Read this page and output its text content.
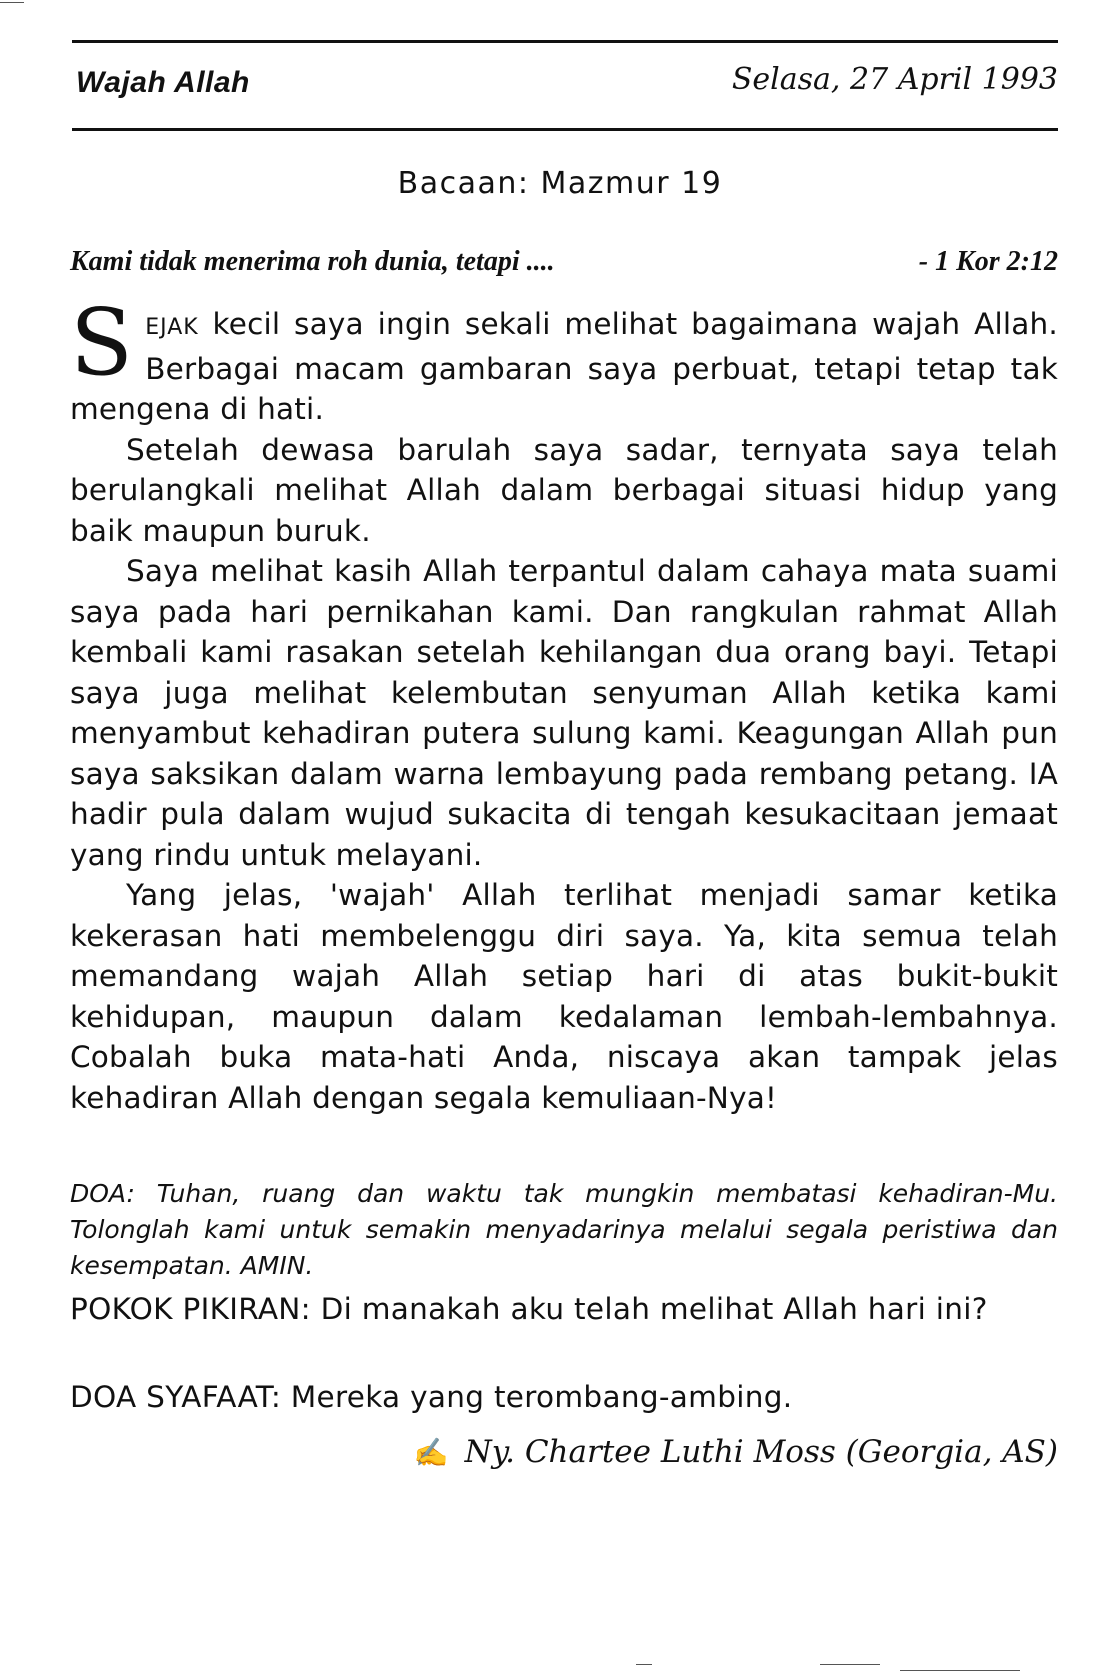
Wajah Allah	Selasa, 27 April 1993
Bacaan: Mazmur 19
Kami tidak menerima roh dunia, tetapi ....	- 1 Kor 2:12

SEJAK kecil saya ingin sekali melihat bagaimana wajah Allah. Berbagai macam gambaran saya perbuat, tetapi tetap tak mengena di hati.

Setelah dewasa barulah saya sadar, ternyata saya telah berulangkali melihat Allah dalam berbagai situasi hidup yang baik maupun buruk.

Saya melihat kasih Allah terpantul dalam cahaya mata suami saya pada hari pernikahan kami. Dan rangkulan rahmat Allah kembali kami rasakan setelah kehilangan dua orang bayi. Tetapi saya juga melihat kelembutan senyuman Allah ketika kami menyambut kehadiran putera sulung kami. Keagungan Allah pun saya saksikan dalam warna lembayung pada rembang petang. IA hadir pula dalam wujud sukacita di tengah kesukacitaan jemaat yang rindu untuk melayani.

Yang jelas, 'wajah' Allah terlihat menjadi samar ketika kekerasan hati membelenggu diri saya. Ya, kita semua telah memandang wajah Allah setiap hari di atas bukit-bukit kehidupan, maupun dalam kedalaman lembah-lembahnya. Cobalah buka mata-hati Anda, niscaya akan tampak jelas kehadiran Allah dengan segala kemuliaan-Nya!

DOA: Tuhan, ruang dan waktu tak mungkin membatasi kehadiran-Mu. Tolonglah kami untuk semakin menyadarinya melalui segala peristiwa dan kesempatan. AMIN.

POKOK PIKIRAN: Di manakah aku telah melihat Allah hari ini?

DOA SYAFAAT: Mereka yang terombang-ambing.

✍ Ny. Chartee Luthi Moss (Georgia, AS)
